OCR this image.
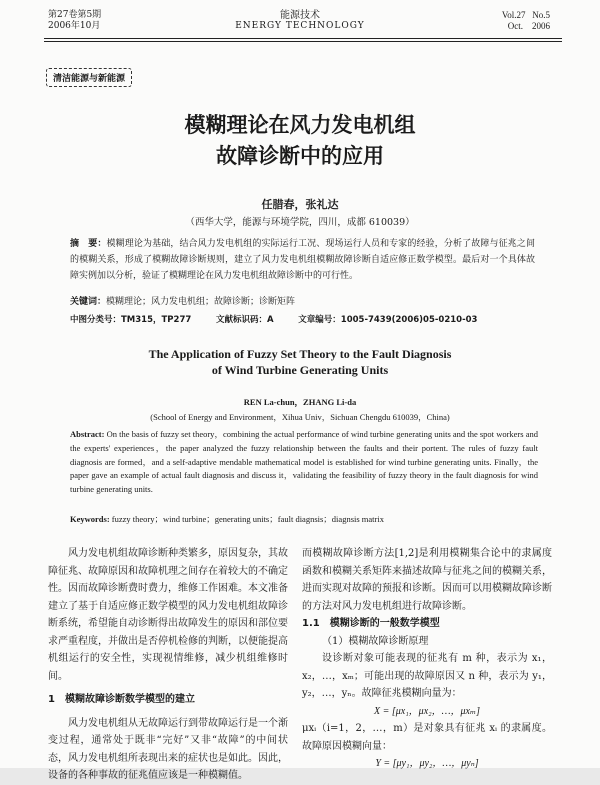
第27卷第5期
2006年10月
能源技术
ENERGY TECHNOLOGY
Vol.27   No.5
Oct.    2006
清洁能源与新能源
模糊理论在风力发电机组
故障诊断中的应用
任腊春，张礼达
（西华大学，能源与环境学院，四川，成都 610039）
摘　要：模糊理论为基础，结合风力发电机组的实际运行工况、现场运行人员和专家的经验，分析了故障与征兆之间的模糊关系，形成了模糊故障诊断规则，建立了风力发电机组模糊故障诊断自适应修正数学模型。最后对一个具体故障实例加以分析，验证了模糊理论在风力发电机组故障诊断中的可行性。
关键词：模糊理论；风力发电机组；故障诊断；诊断矩阵
中图分类号：TM315，TP277	文献标识码：A	文章编号：1005-7439(2006)05-0210-03
The Application of Fuzzy Set Theory to the Fault Diagnosis
of Wind Turbine Generating Units
REN La-chun，ZHANG Li-da
(School of Energy and Environment，Xihua Univ，Sichuan Chengdu 610039，China)
Abstract: On the basis of fuzzy set theory，combining the actual performance of wind turbine generating units and the spot workers and the experts' experiences，the paper analyzed the fuzzy relationship between the faults and their portent. The rules of fuzzy fault diagnosis are formed，and a self-adaptive mendable mathematical model is established for wind turbine generating units. Finally，the paper gave an example of actual fault diagnosis and discuss it，validating the feasibility of fuzzy theory in the fault diagnosis for wind turbine generating units.
Keywords: fuzzy theory；wind turbine；generating units；fault diagnsis；diagnsis matrix
风力发电机组故障诊断种类繁多，原因复杂，其故障征兆、故障原因和故障机理之间存在着较大的不确定性。因而故障诊断费时费力，维修工作困难。本文准备建立了基于自适应修正数学模型的风力发电机组故障诊断系统，希望能自动诊断得出故障发生的原因和部位要求严重程度，并做出是否停机检修的判断，以便能提高机组运行的安全性，实现视情维修，减少机组维修时间。
1　模糊故障诊断数学模型的建立
风力发电机组从无故障运行到带故障运行是一个渐变过程，通常处于既非“完好”又非“故障”的中间状态，风力发电机组所表现出来的症状也是如此。因此，设备的各种事故的征兆值应该是一种模糊值。
而模糊故障诊断方法[1,2]是利用模糊集合论中的隶属度函数和模糊关系矩阵来描述故障与征兆之间的模糊关系，进而实现对故障的预报和诊断。因而可以用模糊故障诊断的方法对风力发电机组进行故障诊断。
1.1　模糊诊断的一般数学模型
（1）模糊故障诊断原理
设诊断对象可能表现的征兆有 m 种，表示为 x₁，x₂，…，xₘ；可能出现的故障原因又 n 种，表示为 y₁，y₂，…，yₙ。故障征兆模糊向量为：
X = [μx₁，μx₂，…，μxₘ]
μxᵢ（i=1，2，…，m）是对象具有征兆 xᵢ 的隶属度。故障原因模糊向量：
Y = [μy₁，μy₂，…，μyₙ]
